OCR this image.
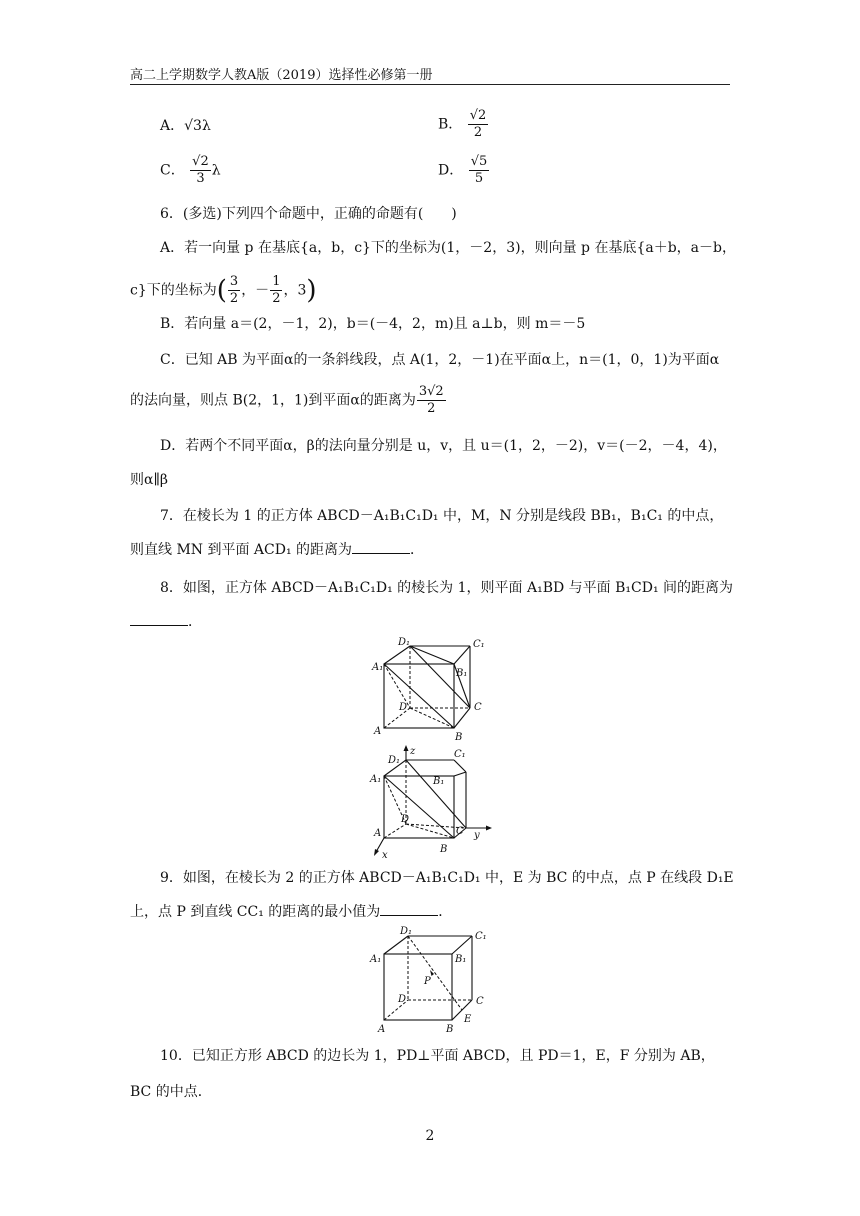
高二上学期数学人教A版（2019）选择性必修第一册
A．√3λ	B． $\frac{√2}{2}$
C． $\frac{√2}{3}$ λ	D． $\frac{√5}{5}$
6．(多选)下列四个命题中，正确的命题有(　　)
A．若一向量 p 在基底{a，b，c}下的坐标为(1，－2，3)，则向量 p 在基底{a＋b，a－b，
c}下的坐标为( $\frac{3}{2}$ ，－ $\frac{1}{2}$ ，3)
B．若向量 a＝(2，－1，2)，b＝(－4，2，m)且 a⊥b，则 m＝－5
C．已知 AB 为平面α的一条斜线段，点 A(1，2，－1)在平面α上，n＝(1，0，1)为平面α
的法向量，则点 B(2，1，1)到平面α的距离为 $\frac{3√2}{2}$
D．若两个不同平面α，β的法向量分别是 u，v，且 u＝(1，2，－2)，v＝(－2，－4，4)，
则α∥β
7．在棱长为 1 的正方体 ABCD－A₁B₁C₁D₁ 中，M，N 分别是线段 BB₁，B₁C₁ 的中点，
则直线 MN 到平面 ACD₁ 的距离为	．
8．如图，正方体 ABCD－A₁B₁C₁D₁ 的棱长为 1，则平面 A₁BD 与平面 B₁CD₁ 间的距离为
．
D₁	C₁
A₁
B₁
D	C
A
B
z
y
x
D₁
C₁
A₁	B₁
D
C
A
B
9．如图，在棱长为 2 的正方体 ABCD－A₁B₁C₁D₁ 中，E 为 BC 的中点，点 P 在线段 D₁E
上，点 P 到直线 CC₁ 的距离的最小值为	．
D₁	C₁
A₁	B₁
P
D	C
E
A	B
10．已知正方形 ABCD 的边长为 1，PD⊥平面 ABCD，且 PD＝1，E，F 分别为 AB，
BC 的中点．
2
